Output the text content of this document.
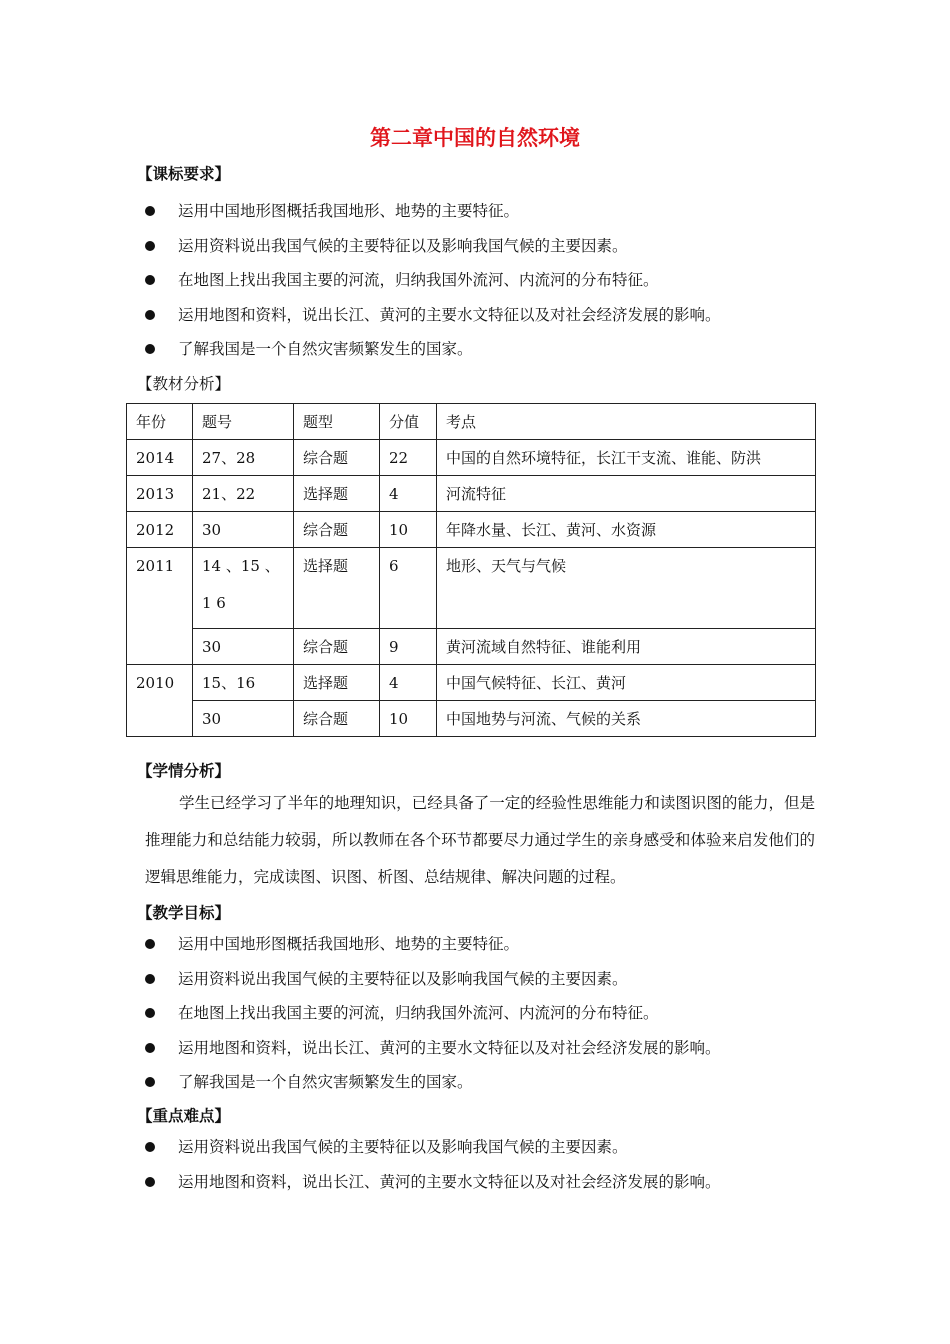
第二章中国的自然环境
【课标要求】
运用中国地形图概括我国地形、地势的主要特征。
运用资料说出我国气候的主要特征以及影响我国气候的主要因素。
在地图上找出我国主要的河流，归纳我国外流河、内流河的分布特征。
运用地图和资料，说出长江、黄河的主要水文特征以及对社会经济发展的影响。
了解我国是一个自然灾害频繁发生的国家。
【教材分析】
年份	题号	题型	分值	考点
2014	27、28	综合题	22	中国的自然环境特征，长江干支流、谁能、防洪
2013	21、22	选择题	4	河流特征
2012	30	综合题	10	年降水量、长江、黄河、水资源
2011	14 、15 、1 6	选择题	6	地形、天气与气候
	30	综合题	9	黄河流域自然特征、谁能利用
2010	15、16	选择题	4	中国气候特征、长江、黄河
	30	综合题	10	中国地势与河流、气候的关系
【学情分析】
学生已经学习了半年的地理知识，已经具备了一定的经验性思维能力和读图识图的能力，但是推理能力和总结能力较弱，所以教师在各个环节都要尽力通过学生的亲身感受和体验来启发他们的逻辑思维能力，完成读图、识图、析图、总结规律、解决问题的过程。
【教学目标】
运用中国地形图概括我国地形、地势的主要特征。
运用资料说出我国气候的主要特征以及影响我国气候的主要因素。
在地图上找出我国主要的河流，归纳我国外流河、内流河的分布特征。
运用地图和资料，说出长江、黄河的主要水文特征以及对社会经济发展的影响。
了解我国是一个自然灾害频繁发生的国家。
【重点难点】
运用资料说出我国气候的主要特征以及影响我国气候的主要因素。
运用地图和资料，说出长江、黄河的主要水文特征以及对社会经济发展的影响。
